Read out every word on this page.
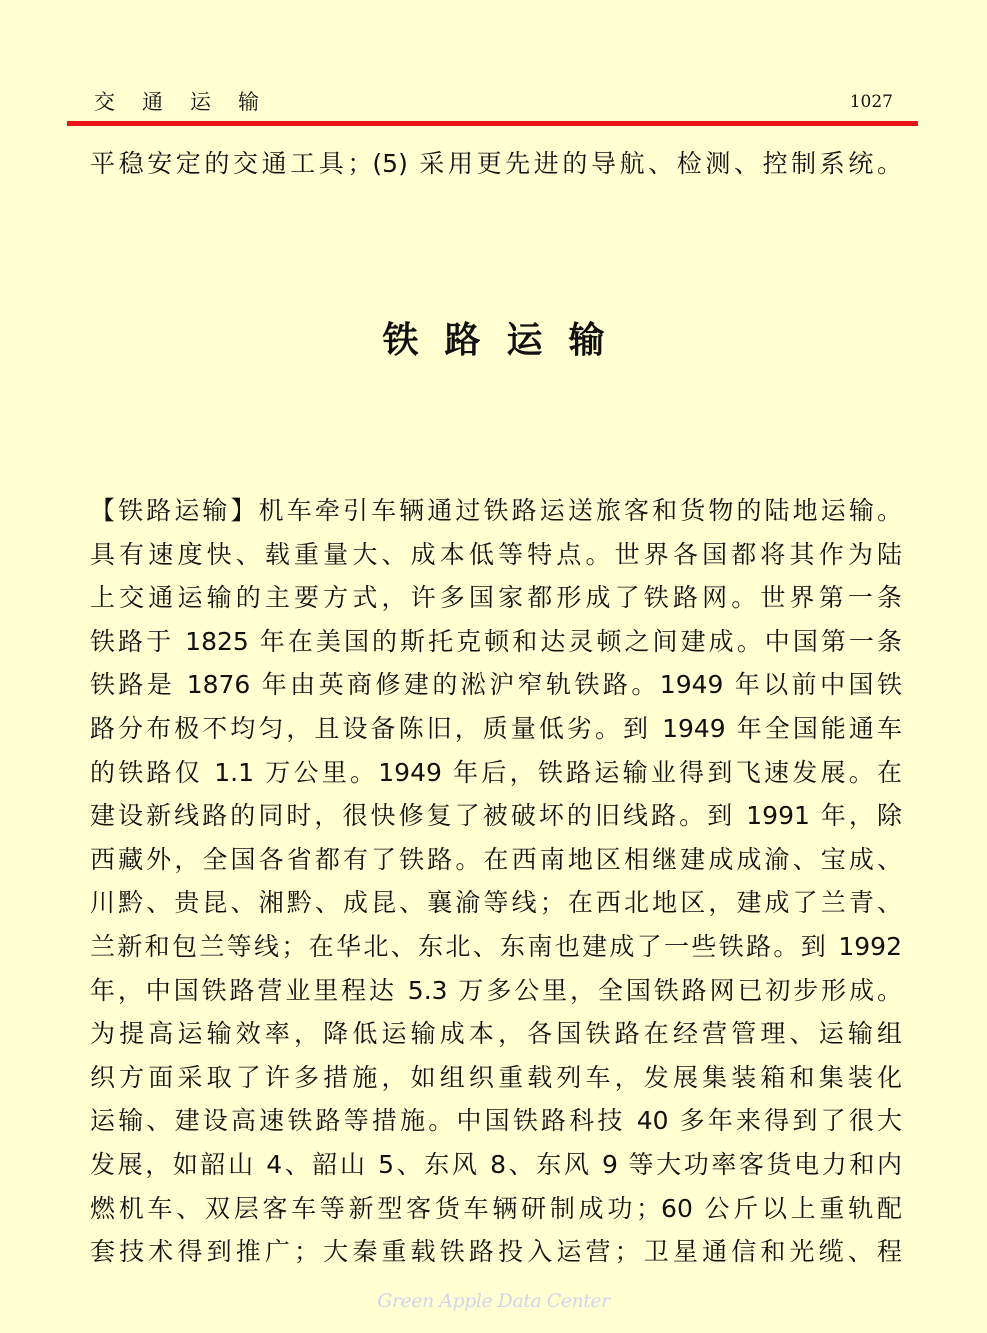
交通运输	1027
平稳安定的交通工具；(5) 采用更先进的导航、检测、控制系统。
铁路运输
【铁路运输】机车牵引车辆通过铁路运送旅客和货物的陆地运输。
具有速度快、载重量大、成本低等特点。世界各国都将其作为陆
上交通运输的主要方式，许多国家都形成了铁路网。世界第一条
铁路于 1825 年在美国的斯托克顿和达灵顿之间建成。中国第一条
铁路是 1876 年由英商修建的淞沪窄轨铁路。1949 年以前中国铁
路分布极不均匀，且设备陈旧，质量低劣。到 1949 年全国能通车
的铁路仅 1.1 万公里。1949 年后，铁路运输业得到飞速发展。在
建设新线路的同时，很快修复了被破坏的旧线路。到 1991 年，除
西藏外，全国各省都有了铁路。在西南地区相继建成成渝、宝成、
川黔、贵昆、湘黔、成昆、襄渝等线；在西北地区，建成了兰青、
兰新和包兰等线；在华北、东北、东南也建成了一些铁路。到 1992
年，中国铁路营业里程达 5.3 万多公里，全国铁路网已初步形成。
为提高运输效率，降低运输成本，各国铁路在经营管理、运输组
织方面采取了许多措施，如组织重载列车，发展集装箱和集装化
运输、建设高速铁路等措施。中国铁路科技 40 多年来得到了很大
发展，如韶山 4、韶山 5、东风 8、东风 9 等大功率客货电力和内
燃机车、双层客车等新型客货车辆研制成功；60 公斤以上重轨配
套技术得到推广；大秦重载铁路投入运营；卫星通信和光缆、程
Green Apple Data Center
